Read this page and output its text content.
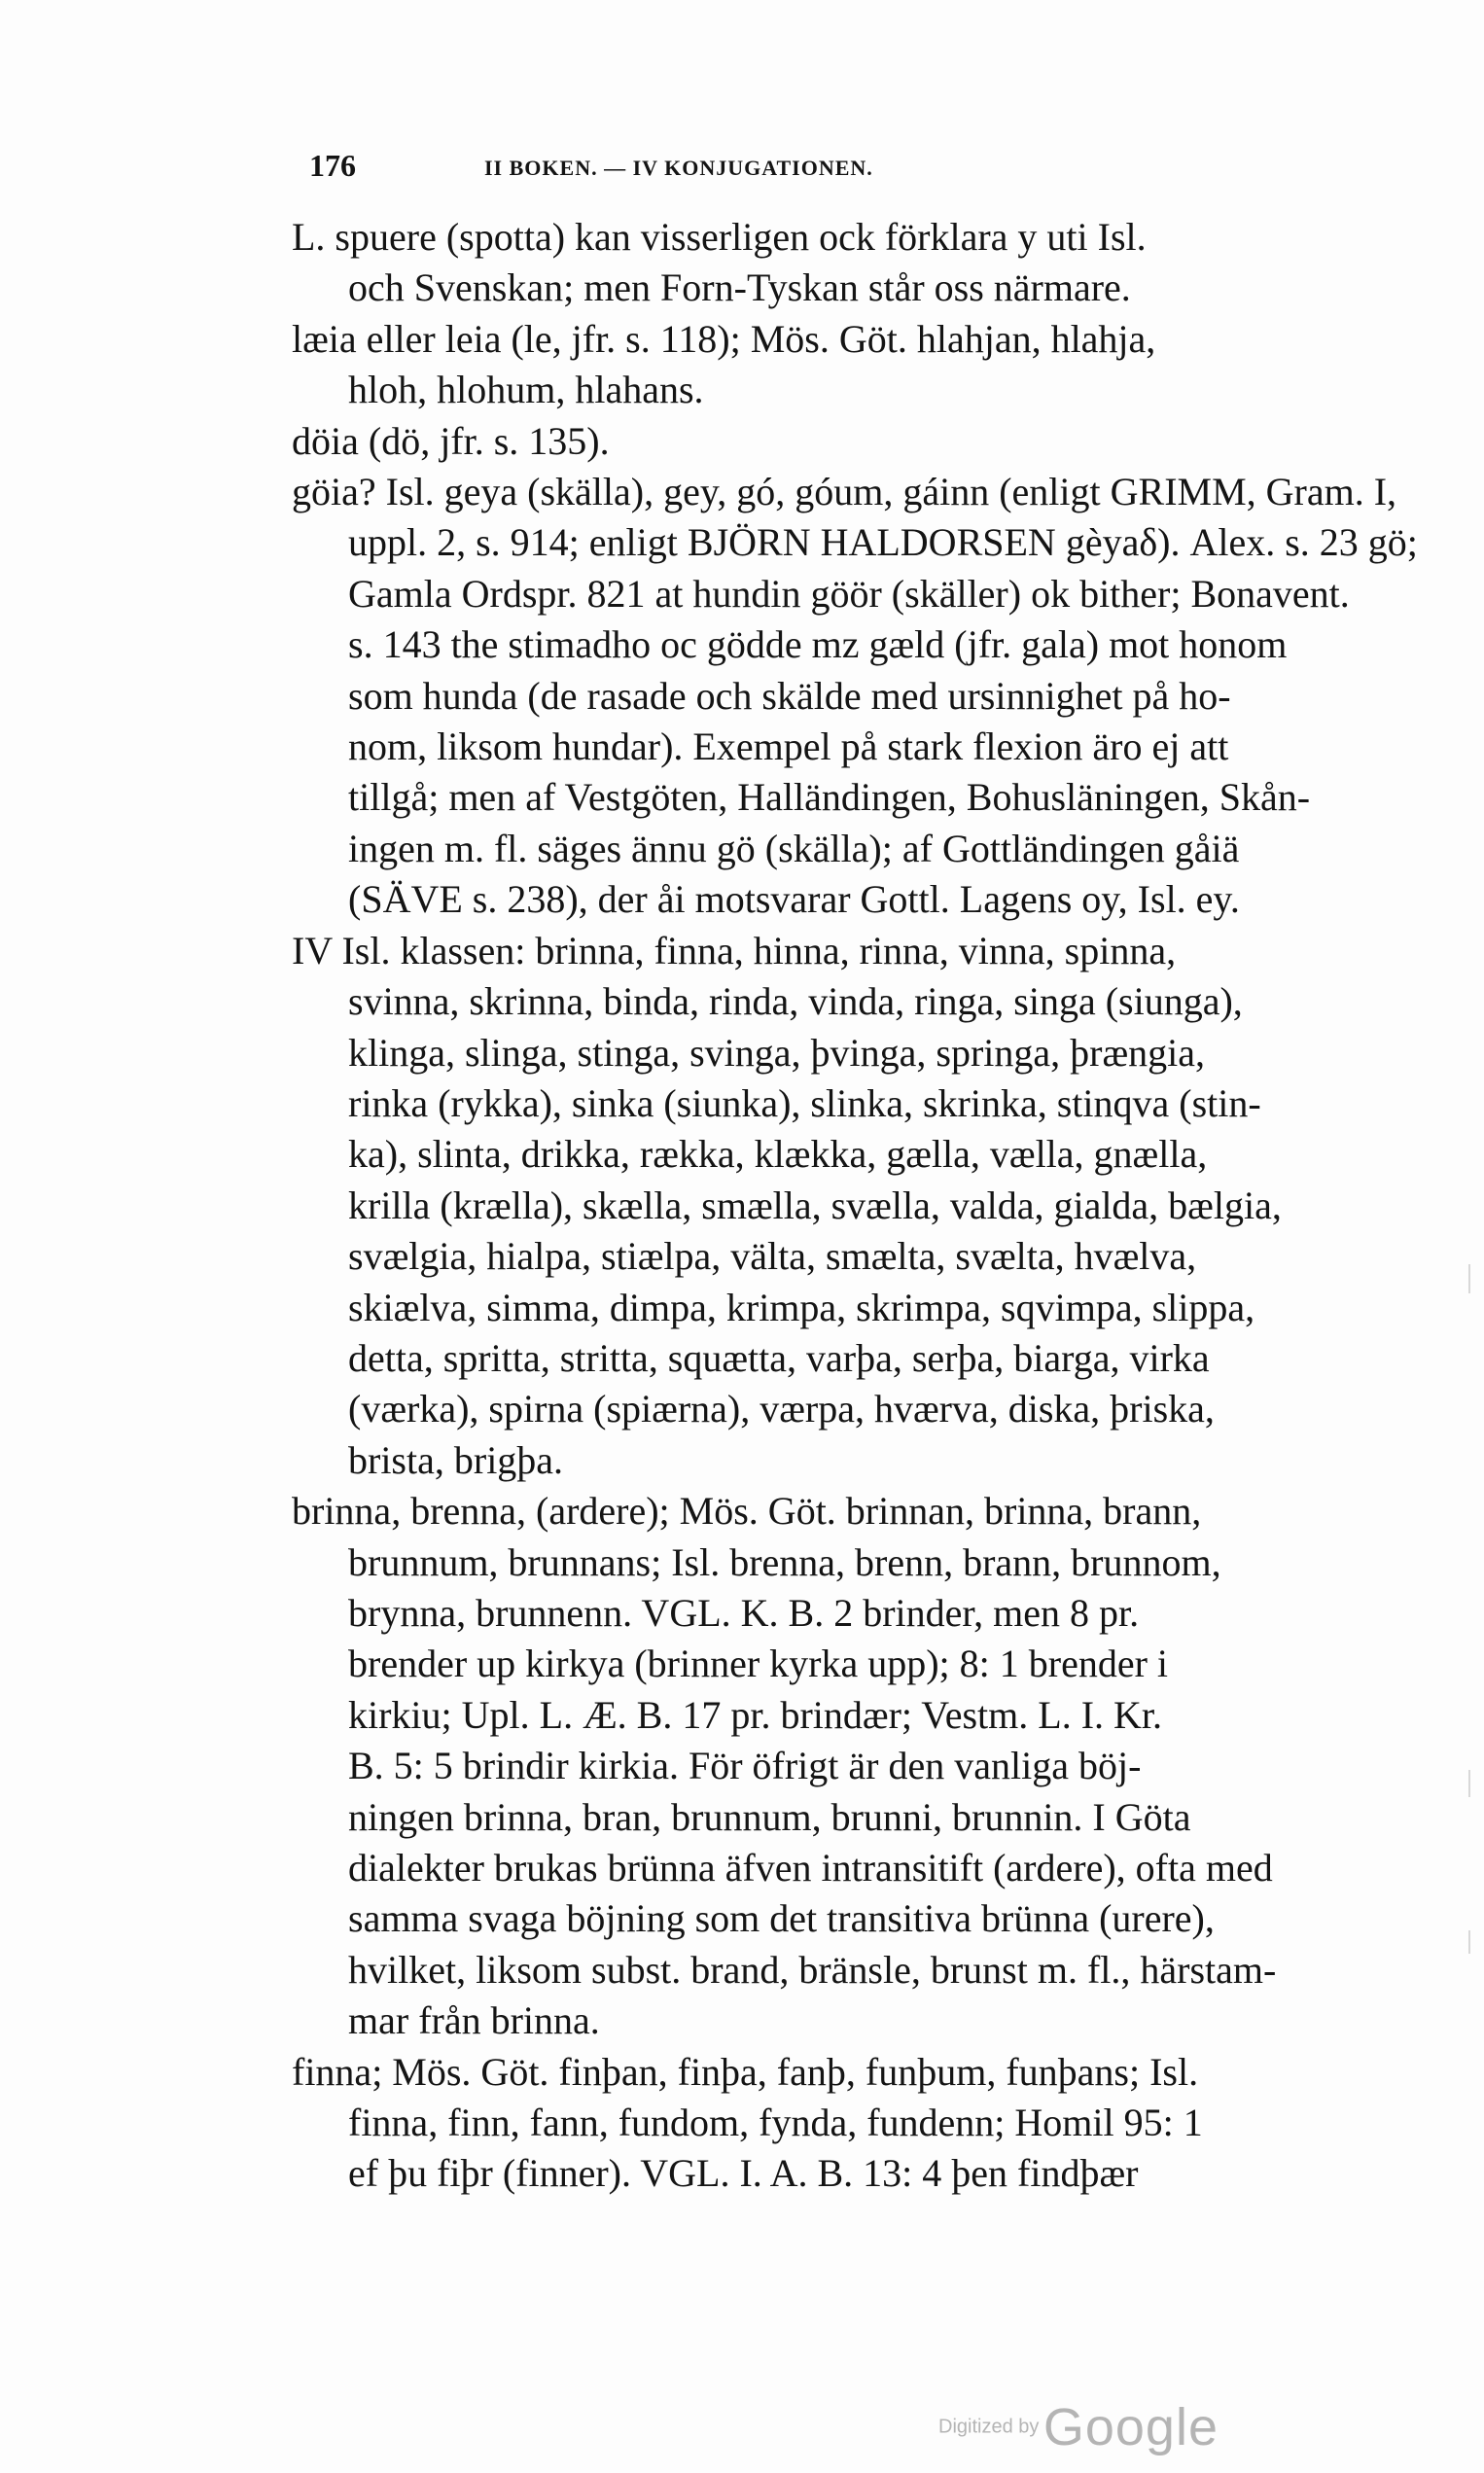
176	II BOKEN. — IV KONJUGATIONEN.
L. spuere (spotta) kan visserligen ock förklara y uti Isl.
och Svenskan; men Forn-Tyskan står oss närmare.
læia eller leia (le, jfr. s. 118); Mös. Göt. hlahjan, hlahja,
hloh, hlohum, hlahans.
döia (dö, jfr. s. 135).
göia? Isl. geya (skälla), gey, gó, góum, gáinn (enligt GRIMM, Gram. I,
uppl. 2, s. 914; enligt BJÖRN HALDORSEN gèyaδ). Alex. s. 23 gö;
Gamla Ordspr. 821 at hundin göör (skäller) ok bither; Bonavent.
s. 143 the stimadho oc gödde mz gæld (jfr. gala) mot honom
som hunda (de rasade och skälde med ursinnighet på ho-
nom, liksom hundar). Exempel på stark flexion äro ej att
tillgå; men af Vestgöten, Halländingen, Bohusläningen, Skån-
ingen m. fl. säges ännu gö (skälla); af Gottländingen gåiä
(SÄVE s. 238), der åi motsvarar Gottl. Lagens oy, Isl. ey.
IV Isl. klassen: brinna, finna, hinna, rinna, vinna, spinna,
svinna, skrinna, binda, rinda, vinda, ringa, singa (siunga),
klinga, slinga, stinga, svinga, þvinga, springa, þrængia,
rinka (rykka), sinka (siunka), slinka, skrinka, stinqva (stin-
ka), slinta, drikka, rækka, klækka, gælla, vælla, gnælla,
krilla (krælla), skælla, smælla, svælla, valda, gialda, bælgia,
svælgia, hialpa, stiælpa, välta, smælta, svælta, hvælva,
skiælva, simma, dimpa, krimpa, skrimpa, sqvimpa, slippa,
detta, spritta, stritta, squætta, varþa, serþa, biarga, virka
(værka), spirna (spiærna), værpa, hværva, diska, þriska,
brista, brigþa.
brinna, brenna, (ardere); Mös. Göt. brinnan, brinna, brann,
brunnum, brunnans; Isl. brenna, brenn, brann, brunnom,
brynna, brunnenn. VGL. K. B. 2 brinder, men 8 pr.
brender up kirkya (brinner kyrka upp); 8: 1 brender i
kirkiu; Upl. L. Æ. B. 17 pr. brindær; Vestm. L. I. Kr.
B. 5: 5 brindir kirkia. För öfrigt är den vanliga böj-
ningen brinna, bran, brunnum, brunni, brunnin. I Göta
dialekter brukas brünna äfven intransitift (ardere), ofta med
samma svaga böjning som det transitiva brünna (urere),
hvilket, liksom subst. brand, bränsle, brunst m. fl., härstam-
mar från brinna.
finna; Mös. Göt. finþan, finþa, fanþ, funþum, funþans; Isl.
finna, finn, fann, fundom, fynda, fundenn; Homil 95: 1
ef þu fiþr (finner). VGL. I. A. B. 13: 4 þen findþær
Digitized by Google
